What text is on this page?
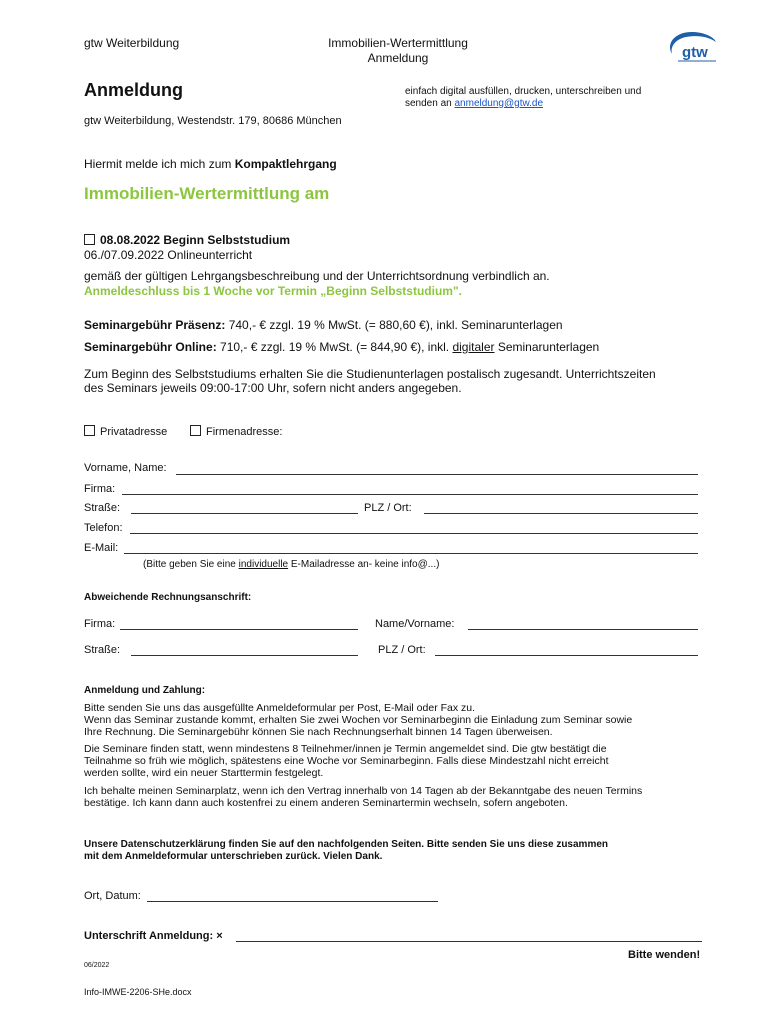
gtw Weiterbildung	Immobilien-Wertermittlung
Anmeldung	gtw
Anmeldung	einfach digital ausfüllen, drucken, unterschreiben und
senden an anmeldung@gtw.de
gtw Weiterbildung, Westendstr. 179, 80686 München
Hiermit melde ich mich zum Kompaktlehrgang
Immobilien-Wertermittlung am
08.08.2022 Beginn Selbststudium
06./07.09.2022 Onlineunterricht
gemäß der gültigen Lehrgangsbeschreibung und der Unterrichtsordnung verbindlich an.
Anmeldeschluss bis 1 Woche vor Termin „Beginn Selbststudium".
Seminargebühr Präsenz: 740,- € zzgl. 19 % MwSt. (= 880,60 €), inkl. Seminarunterlagen
Seminargebühr Online: 710,- € zzgl. 19 % MwSt. (= 844,90 €), inkl. digitaler Seminarunterlagen
Zum Beginn des Selbststudiums erhalten Sie die Studienunterlagen postalisch zugesandt. Unterrichtszeiten
des Seminars jeweils 09:00-17:00 Uhr, sofern nicht anders angegeben.
Privatadresse	Firmenadresse:
Vorname, Name:
Firma:
Straße:	PLZ / Ort:
Telefon:
E-Mail:
(Bitte geben Sie eine individuelle E-Mailadresse an- keine info@...)
Abweichende Rechnungsanschrift:
Firma:	Name/Vorname:
Straße:	PLZ / Ort:
Anmeldung und Zahlung:
Bitte senden Sie uns das ausgefüllte Anmeldeformular per Post, E-Mail oder Fax zu.
Wenn das Seminar zustande kommt, erhalten Sie zwei Wochen vor Seminarbeginn die Einladung zum Seminar sowie
Ihre Rechnung. Die Seminargebühr können Sie nach Rechnungserhalt binnen 14 Tagen überweisen.
Die Seminare finden statt, wenn mindestens 8 Teilnehmer/innen je Termin angemeldet sind. Die gtw bestätigt die
Teilnahme so früh wie möglich, spätestens eine Woche vor Seminarbeginn. Falls diese Mindestzahl nicht erreicht
werden sollte, wird ein neuer Starttermin festgelegt.
Ich behalte meinen Seminarplatz, wenn ich den Vertrag innerhalb von 14 Tagen ab der Bekanntgabe des neuen Termins
bestätige. Ich kann dann auch kostenfrei zu einem anderen Seminartermin wechseln, sofern angeboten.
Unsere Datenschutzerklärung finden Sie auf den nachfolgenden Seiten. Bitte senden Sie uns diese zusammen
mit dem Anmeldeformular unterschrieben zurück. Vielen Dank.
Ort, Datum:
Unterschrift Anmeldung: ×
Bitte wenden!
06/2022
Info-IMWE-2206-SHe.docx
